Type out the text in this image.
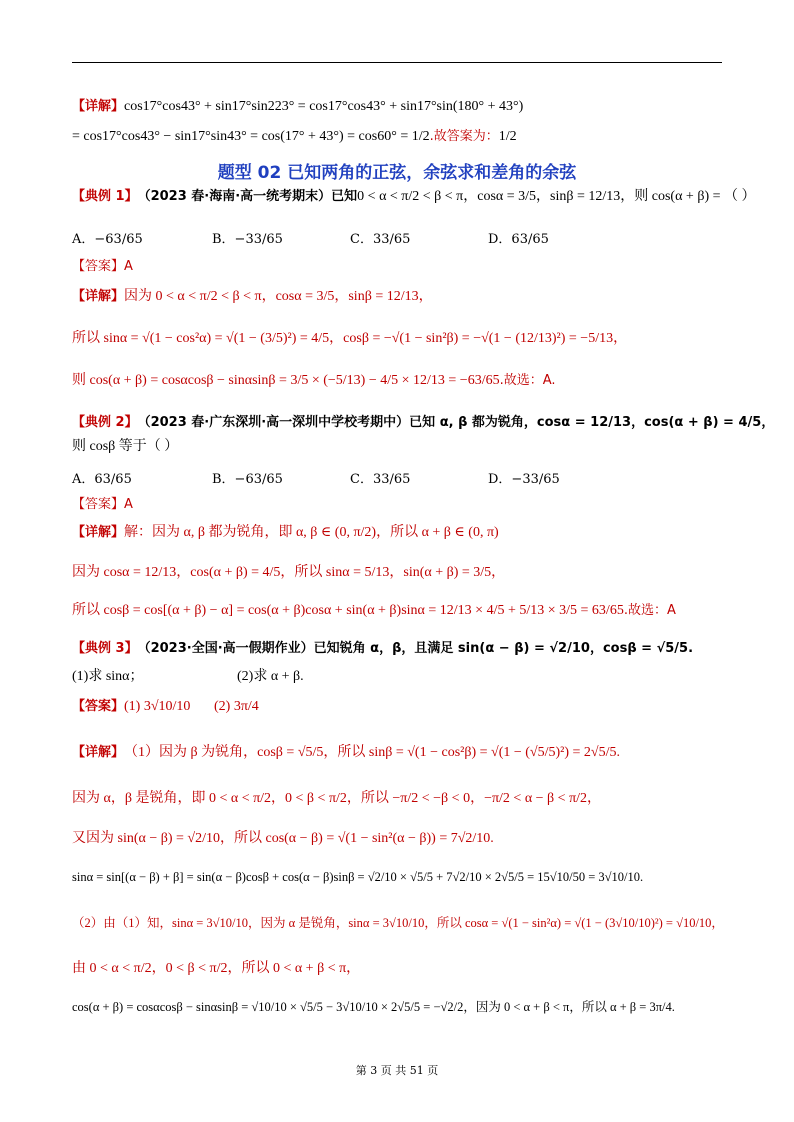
【详解】 cos17°cos43° + sin17°sin223° = cos17°cos43° + sin17°sin(180° + 43°)
= cos17°cos43° − sin17°sin43° = cos(17° + 43°) = cos60° = 1/2 .故答案为： 1/2
题型 02 已知两角的正弦，余弦求和差角的余弦
【典例 1】 （2023 春·海南·高一统考期末）已知 0 < α < π/2 < β < π，cosα = 3/5，sinβ = 12/13，则 cos(α + β) = （ ）
A．−63/65	B．−33/65	C．33/65	D．63/65
【答案】A
【详解】 因为 0 < α < π/2 < β < π，cosα = 3/5，sinβ = 12/13，
所以 sinα = √(1 − cos²α) = √(1 − (3/5)²) = 4/5，cosβ = −√(1 − sin²β) = −√(1 − (12/13)²) = −5/13，
则 cos(α + β) = cosαcosβ − sinαsinβ = 3/5 × (−5/13) − 4/5 × 12/13 = −63/65 .故选：A.
【典例 2】 （2023 春·广东深圳·高一深圳中学校考期中）已知 α, β 都为锐角，cosα = 12/13，cos(α + β) = 4/5，
则 cosβ 等于（ ）
A．63/65	B．−63/65	C．33/65	D．−33/65
【答案】A
【详解】 解：因为 α, β 都为锐角，即 α, β ∈ (0, π/2)，所以 α + β ∈ (0, π)
因为 cosα = 12/13，cos(α + β) = 4/5，所以 sinα = 5/13，sin(α + β) = 3/5，
所以 cosβ = cos[(α + β) − α] = cos(α + β)cosα + sin(α + β)sinα = 12/13 × 4/5 + 5/13 × 3/5 = 63/65 .故选：A
【典例 3】 （2023·全国·高一假期作业）已知锐角 α，β，且满足 sin(α − β) = √2/10，cosβ = √5/5.
(1)求 sinα；	(2)求 α + β.
【答案】 (1) 3√10/10	(2) 3π/4
【详解】 （1）因为 β 为锐角，cosβ = √5/5，所以 sinβ = √(1 − cos²β) = √(1 − (√5/5)²) = 2√5/5.
因为 α，β 是锐角，即 0 < α < π/2，0 < β < π/2，所以 −π/2 < −β < 0，−π/2 < α − β < π/2，
又因为 sin(α − β) = √2/10，所以 cos(α − β) = √(1 − sin²(α − β)) = 7√2/10.
sinα = sin[(α − β) + β] = sin(α − β)cosβ + cos(α − β)sinβ = √2/10 × √5/5 + 7√2/10 × 2√5/5 = 15√10/50 = 3√10/10.
（2）由（1）知，sinα = 3√10/10，因为 α 是锐角，sinα = 3√10/10，所以 cosα = √(1 − sin²α) = √(1 − (3√10/10)²) = √10/10，
由 0 < α < π/2，0 < β < π/2，所以 0 < α + β < π，
cos(α + β) = cosαcosβ − sinαsinβ = √10/10 × √5/5 − 3√10/10 × 2√5/5 = −√2/2，因为 0 < α + β < π，所以 α + β = 3π/4.
第 3 页 共 51 页
